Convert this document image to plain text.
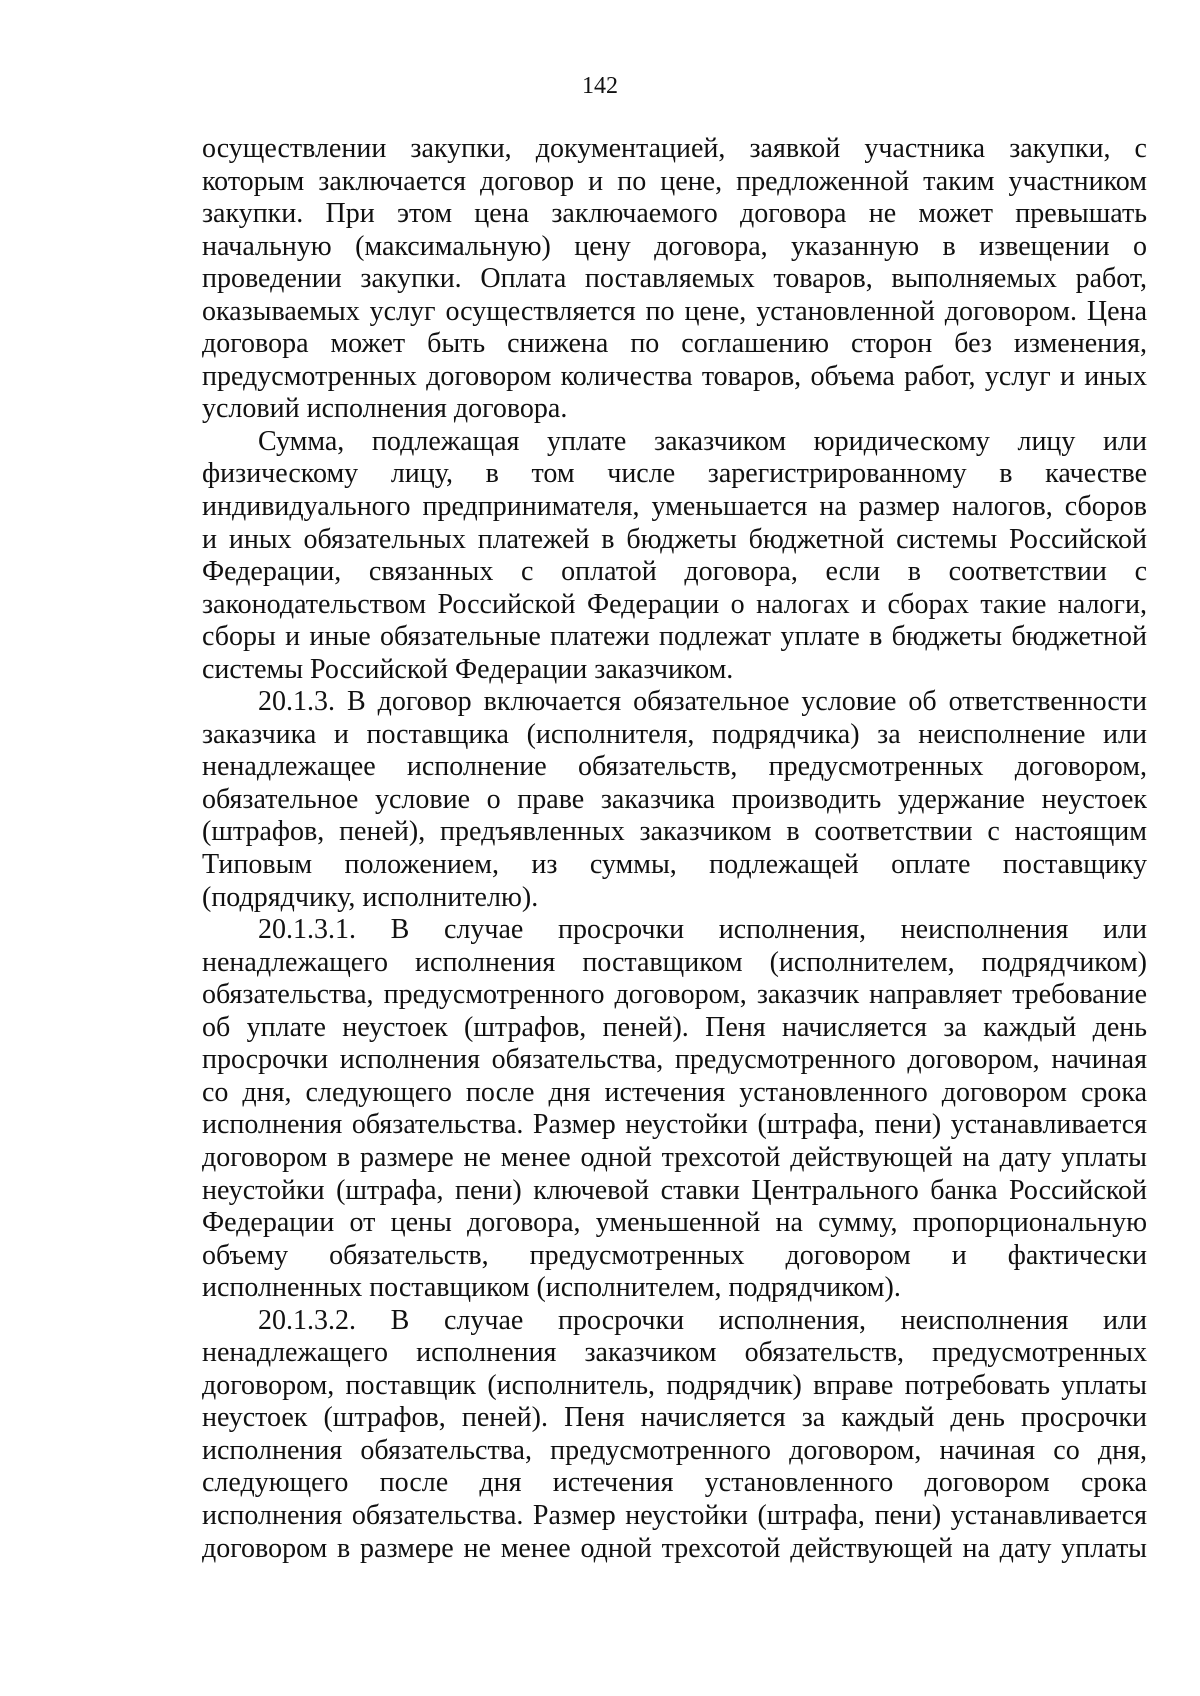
142
осуществлении закупки, документацией, заявкой участника закупки, с
которым заключается договор и по цене, предложенной таким участником
закупки. При этом цена заключаемого договора не может превышать
начальную (максимальную) цену договора, указанную в извещении о
проведении закупки. Оплата поставляемых товаров, выполняемых работ,
оказываемых услуг осуществляется по цене, установленной договором. Цена
договора может быть снижена по соглашению сторон без изменения,
предусмотренных договором количества товаров, объема работ, услуг и иных
условий исполнения договора.
Сумма, подлежащая уплате заказчиком юридическому лицу или
физическому лицу, в том числе зарегистрированному в качестве
индивидуального предпринимателя, уменьшается на размер налогов, сборов
и иных обязательных платежей в бюджеты бюджетной системы Российской
Федерации, связанных с оплатой договора, если в соответствии с
законодательством Российской Федерации о налогах и сборах такие налоги,
сборы и иные обязательные платежи подлежат уплате в бюджеты бюджетной
системы Российской Федерации заказчиком.
20.1.3. В договор включается обязательное условие об ответственности
заказчика и поставщика (исполнителя, подрядчика) за неисполнение или
ненадлежащее исполнение обязательств, предусмотренных договором,
обязательное условие о праве заказчика производить удержание неустоек
(штрафов, пеней), предъявленных заказчиком в соответствии с настоящим
Типовым положением, из суммы, подлежащей оплате поставщику
(подрядчику, исполнителю).
20.1.3.1. В случае просрочки исполнения, неисполнения или
ненадлежащего исполнения поставщиком (исполнителем, подрядчиком)
обязательства, предусмотренного договором, заказчик направляет требование
об уплате неустоек (штрафов, пеней). Пеня начисляется за каждый день
просрочки исполнения обязательства, предусмотренного договором, начиная
со дня, следующего после дня истечения установленного договором срока
исполнения обязательства. Размер неустойки (штрафа, пени) устанавливается
договором в размере не менее одной трехсотой действующей на дату уплаты
неустойки (штрафа, пени) ключевой ставки Центрального банка Российской
Федерации от цены договора, уменьшенной на сумму, пропорциональную
объему обязательств, предусмотренных договором и фактически
исполненных поставщиком (исполнителем, подрядчиком).
20.1.3.2. В случае просрочки исполнения, неисполнения или
ненадлежащего исполнения заказчиком обязательств, предусмотренных
договором, поставщик (исполнитель, подрядчик) вправе потребовать уплаты
неустоек (штрафов, пеней). Пеня начисляется за каждый день просрочки
исполнения обязательства, предусмотренного договором, начиная со дня,
следующего после дня истечения установленного договором срока
исполнения обязательства. Размер неустойки (штрафа, пени) устанавливается
договором в размере не менее одной трехсотой действующей на дату уплаты
